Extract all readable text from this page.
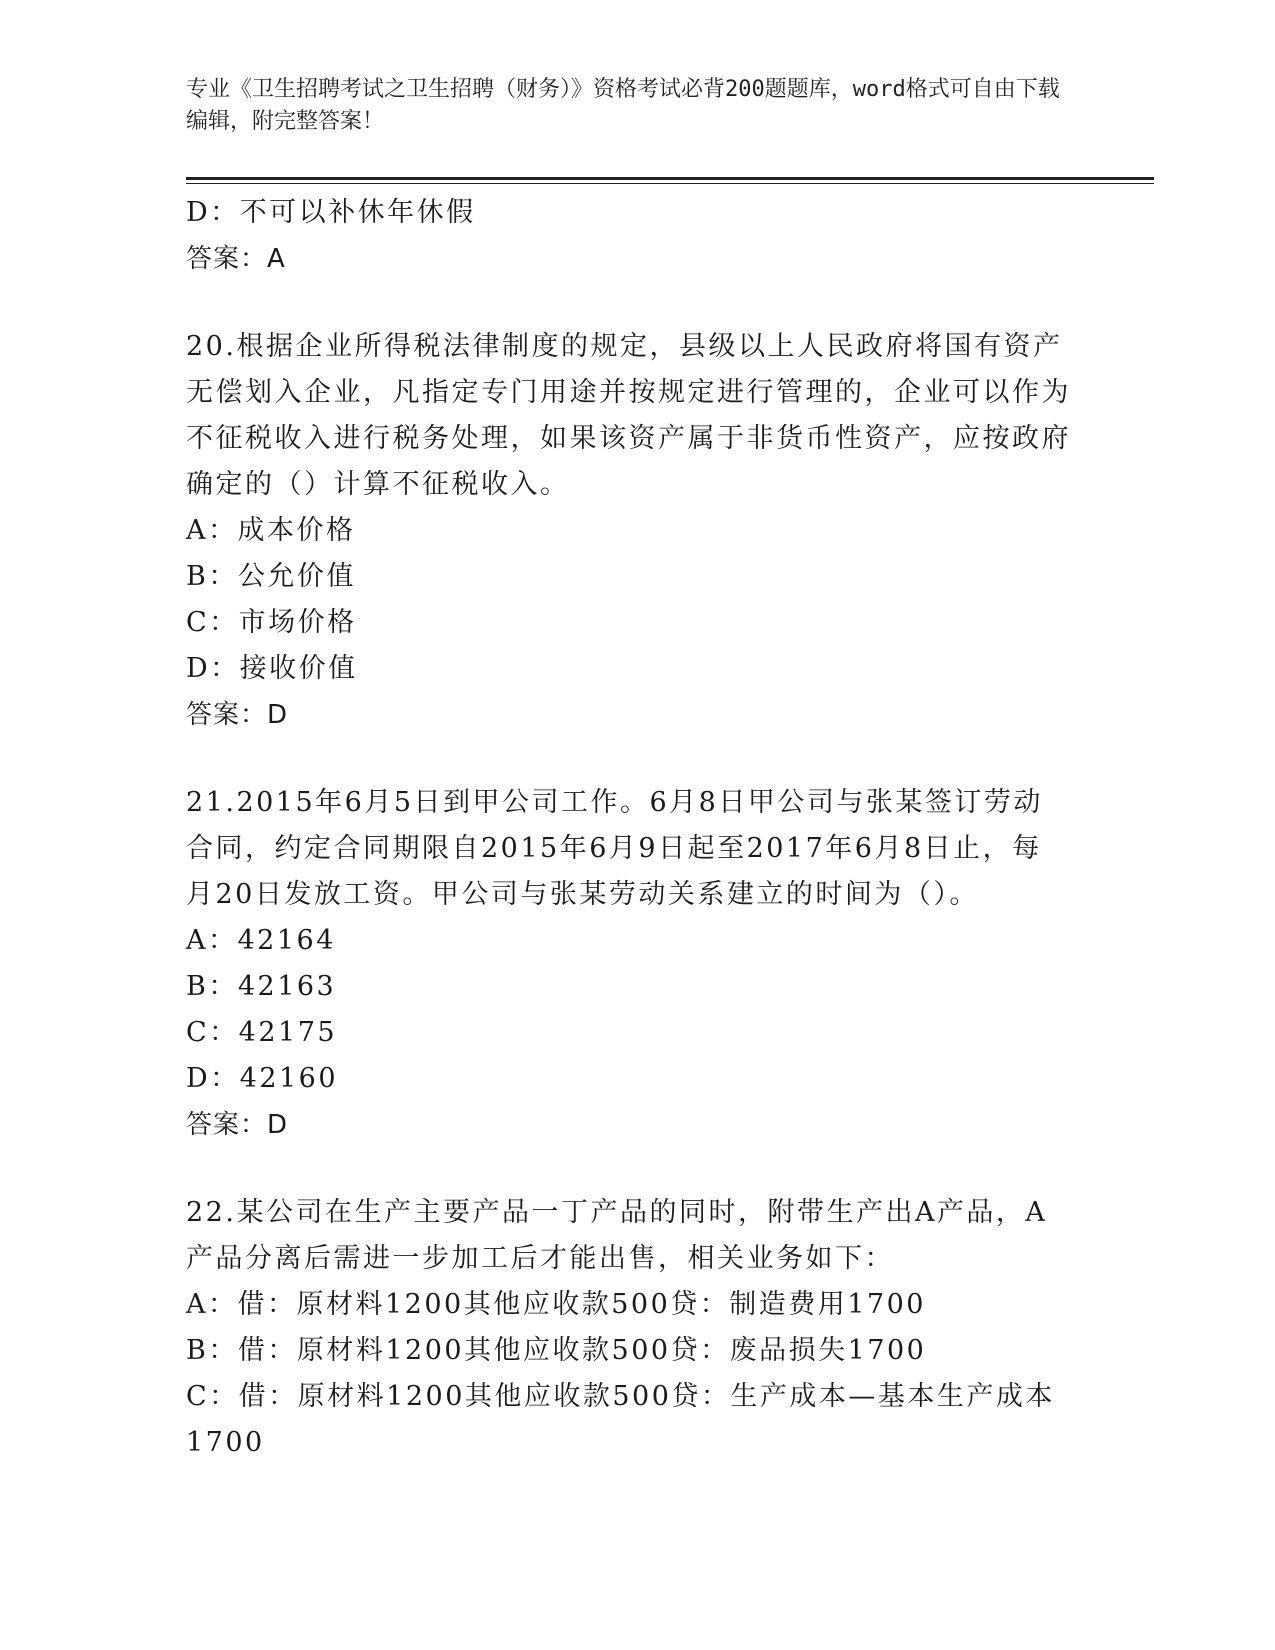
专业《卫生招聘考试之卫生招聘（财务）》资格考试必背200题题库，word格式可自由下载编辑，附完整答案！
D：不可以补休年休假
答案：A
20.根据企业所得税法律制度的规定，县级以上人民政府将国有资产无偿划入企业，凡指定专门用途并按规定进行管理的，企业可以作为不征税收入进行税务处理，如果该资产属于非货币性资产，应按政府确定的（）计算不征税收入。
A：成本价格
B：公允价值
C：市场价格
D：接收价值
答案：D
21.2015年6月5日到甲公司工作。6月8日甲公司与张某签订劳动合同，约定合同期限自2015年6月9日起至2017年6月8日止，每月20日发放工资。甲公司与张某劳动关系建立的时间为（）。
A：42164
B：42163
C：42175
D：42160
答案：D
22.某公司在生产主要产品一丁产品的同时，附带生产出A产品，A产品分离后需进一步加工后才能出售，相关业务如下：
A：借：原材料1200其他应收款500贷：制造费用1700
B：借：原材料1200其他应收款500贷：废品损失1700
C：借：原材料1200其他应收款500贷：生产成本—基本生产成本1700
